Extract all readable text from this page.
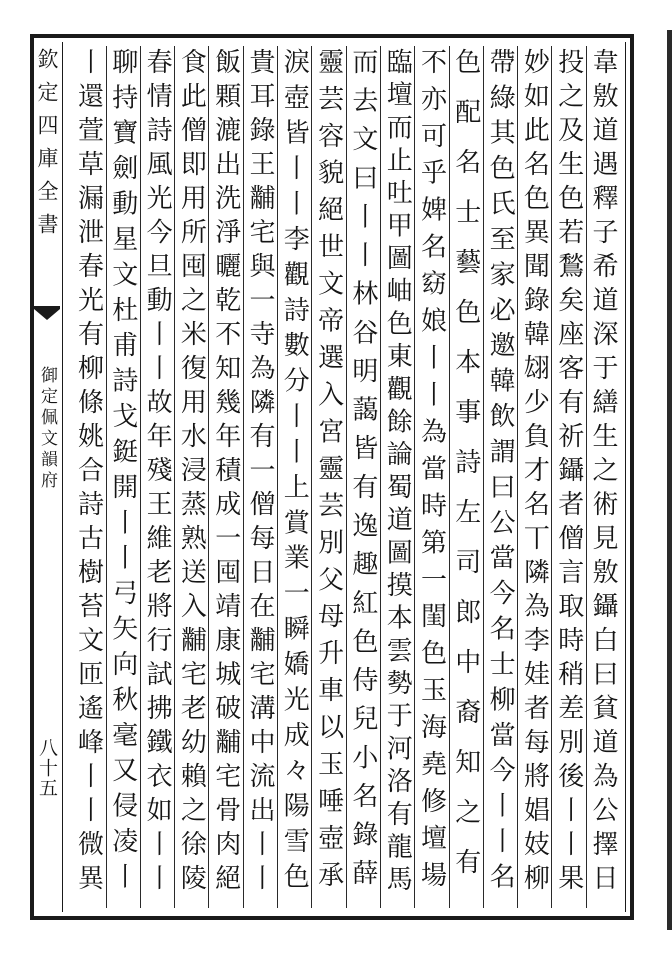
欽定四庫全書
御定佩文韻府
八十五	韋敫道遇釋子希道深于繕生之術見敫鑷白曰貧道為公擇日
投之及生色若鶖矣座客有祈鑷者僧言取時稍差別後丨丨果
妙如此名色異聞錄韓翃少負才名丅隣為李娃者每將娼妓柳
帶綠其色氏至家必邀韓飲謂曰公當今名士柳當今丨丨名
色配名士藝色本事詩左司郎中裔知之有
不亦可乎婢名窈娘丨丨為當時第一閨色玉海堯修壇場
臨壇而止吐甲圖岫色東觀餘論蜀道圖摸本雲勢于河洛有龍馬
而去文曰丨丨林谷明藹皆有逸趣紅色侍兒小名錄薛
靈芸容貌絕世文帝選入宮靈芸別父母升車以玉唾壺承
淚壺皆丨丨李觀詩數分丨丨上賞業一瞬嬌光成々陽雪色
貴耳錄王黼宅與一寺為隣有一僧每日在黼宅溝中流出丨丨
飯顆漉出洗淨曬乾不知幾年積成一囤靖康城破黼宅骨肉絕
食此僧即用所囤之米復用水浸蒸熟送入黼宅老幼賴之徐陵
春情詩風光今旦動丨丨故年殘王維老將行試拂鐵衣如丨丨
聊持寶劍動星文杜甫詩戈鋌開丨丨弓矢向秋毫又侵凌丨
丨還萱草漏泄春光有柳條姚合詩古樹苔文匝遙峰丨丨微異
